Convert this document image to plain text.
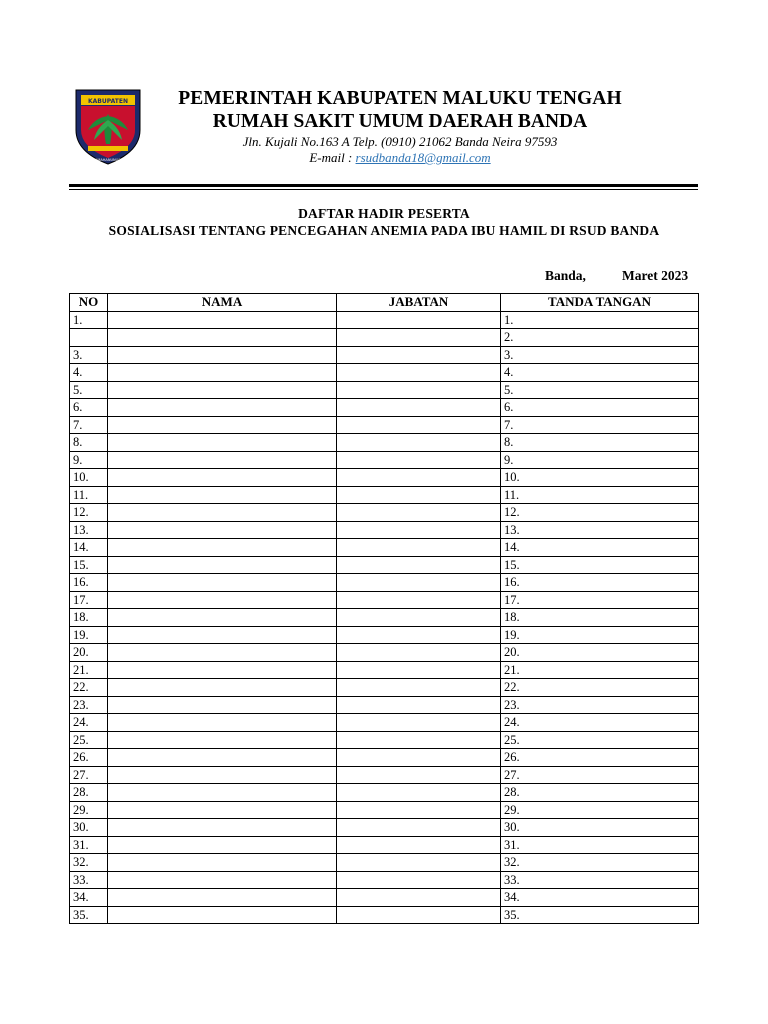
KABUPATEN
PAMAHANUNUSA
PEMERINTAH KABUPATEN MALUKU TENGAH
RUMAH SAKIT UMUM DAERAH BANDA
Jln. Kujali No.163 A Telp. (0910) 21062 Banda Neira 97593
E-mail : rsudbanda18@gmail.com
DAFTAR HADIR PESERTA
SOSIALISASI TENTANG PENCEGAHAN ANEMIA PADA IBU HAMIL DI RSUD BANDA
Banda,	Maret 2023
NO	NAMA	JABATAN	TANDA TANGAN
1.			1.
			2.
3.			3.
4.			4.
5.			5.
6.			6.
7.			7.
8.			8.
9.			9.
10.			10.
11.			11.
12.			12.
13.			13.
14.			14.
15.			15.
16.			16.
17.			17.
18.			18.
19.			19.
20.			20.
21.			21.
22.			22.
23.			23.
24.			24.
25.			25.
26.			26.
27.			27.
28.			28.
29.			29.
30.			30.
31.			31.
32.			32.
33.			33.
34.			34.
35.			35.
